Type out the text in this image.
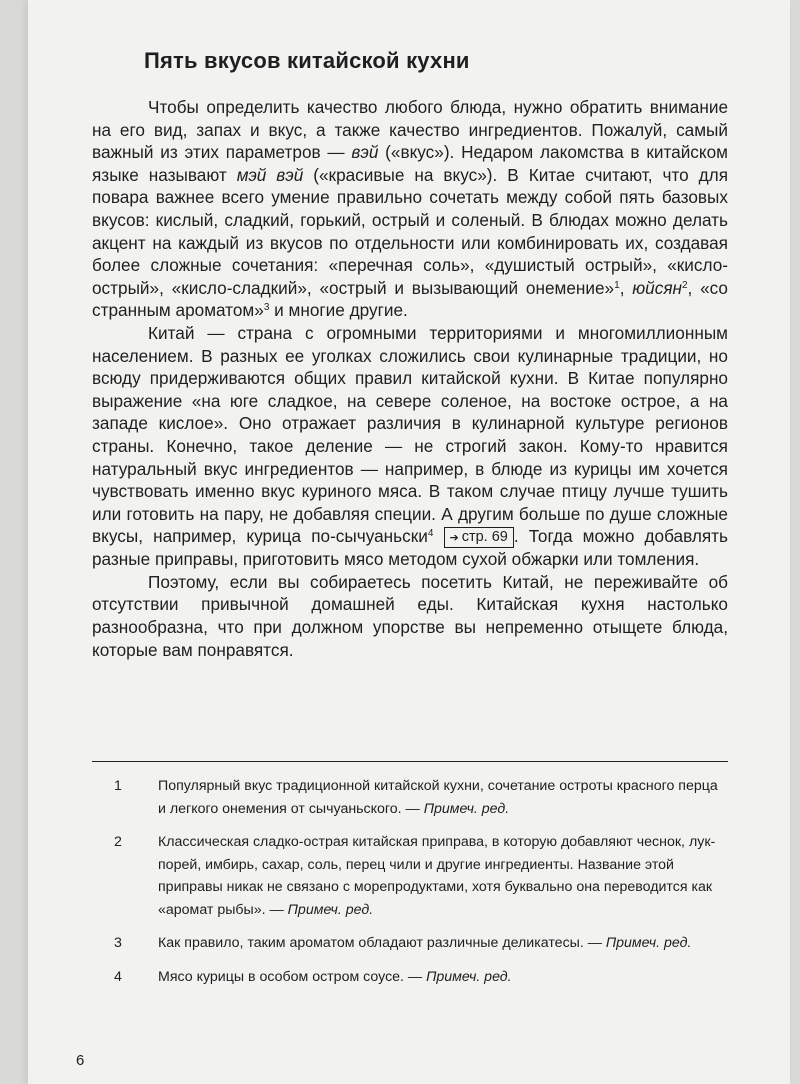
Пять вкусов китайской кухни

Чтобы определить качество любого блюда, нужно обратить внимание на его вид, запах и вкус, а также качество ингредиентов. Пожалуй, самый важный из этих параметров — вэй («вкус»). Недаром лакомства в китайском языке называют мэй вэй («красивые на вкус»). В Китае считают, что для повара важнее всего умение правильно сочетать между собой пять базовых вкусов: кислый, сладкий, горький, острый и соленый. В блюдах можно делать акцент на каждый из вкусов по отдельности или комбинировать их, создавая более сложные сочетания: «перечная соль», «душистый острый», «кисло-острый», «кисло-сладкий», «острый и вызывающий онемение»$^1$, юйсян$^2$, «со странным ароматом»$^3$ и многие другие.

Китай — страна с огромными территориями и многомиллионным населением. В разных ее уголках сложились свои кулинарные традиции, но всюду придерживаются общих правил китайской кухни. В Китае популярно выражение «на юге сладкое, на севере соленое, на востоке острое, а на западе кислое». Оно отражает различия в кулинарной культуре регионов страны. Конечно, такое деление — не строгий закон. Кому-то нравится натуральный вкус ингредиентов — например, в блюде из курицы им хочется чувствовать именно вкус куриного мяса. В таком случае птицу лучше тушить или готовить на пару, не добавляя специи. А другим больше по душе сложные вкусы, например, курица по-сычуаньски$^4$ ➔ стр. 69 . Тогда можно добавлять разные приправы, приготовить мясо методом сухой обжарки или томления.

Поэтому, если вы собираетесь посетить Китай, не переживайте об отсутствии привычной домашней еды. Китайская кухня настолько разнообразна, что при должном упорстве вы непременно отыщете блюда, которые вам понравятся.

1	Популярный вкус традиционной китайской кухни, сочетание остроты красного перца и легкого онемения от сычуаньского. — Примеч. ред.
2	Классическая сладко-острая китайская приправа, в которую добавляют чеснок, лук-порей, имбирь, сахар, соль, перец чили и другие ингредиенты. Название этой приправы никак не связано с морепродуктами, хотя буквально она переводится как «аромат рыбы». — Примеч. ред.
3	Как правило, таким ароматом обладают различные деликатесы. — Примеч. ред.
4	Мясо курицы в особом остром соусе. — Примеч. ред.
6
